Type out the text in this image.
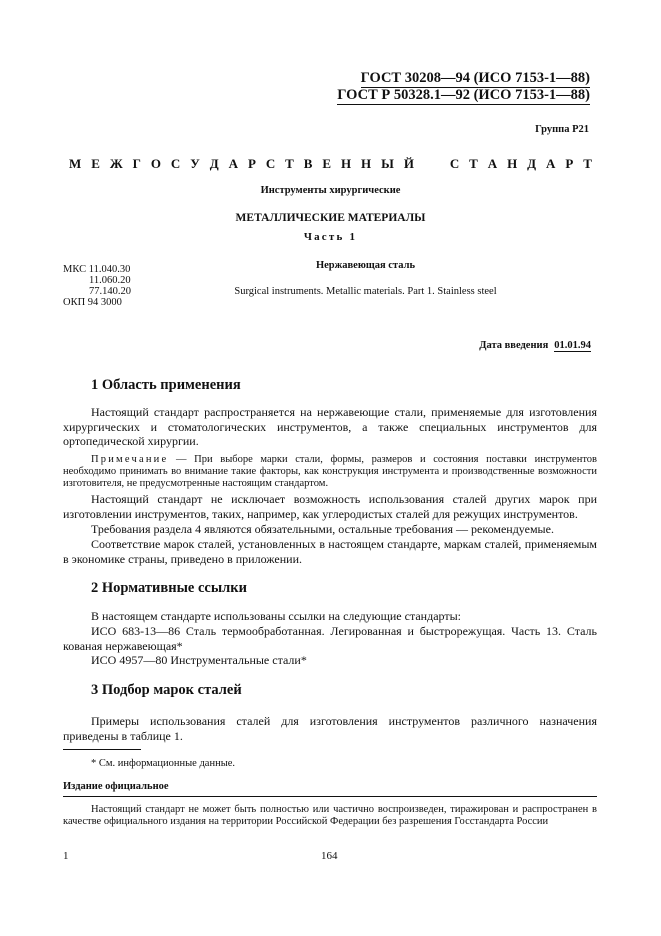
ГОСТ 30208—94 (ИСО 7153-1—88)
ГОСТ Р 50328.1—92 (ИСО 7153-1—88)
Группа Р21
М Е Ж Г О С У Д А Р С Т В Е Н Н Ы Й	С Т А Н Д А Р Т
Инструменты хирургические
МЕТАЛЛИЧЕСКИЕ МАТЕРИАЛЫ
Часть 1
Нержавеющая сталь
Surgical instruments. Metallic materials. Part 1. Stainless steel
МКС 11.040.30
11.060.20
77.140.20
ОКП 94 3000
Дата введения 01.01.94
1 Область применения
Настоящий стандарт распространяется на нержавеющие стали, применяемые для изготовления хирургических и стоматологических инструментов, а также специальных инструментов для ортопедической хирургии.
Примечание — При выборе марки стали, формы, размеров и состояния поставки инструментов необходимо принимать во внимание такие факторы, как конструкция инструмента и производственные возможности изготовителя, не предусмотренные настоящим стандартом.
Настоящий стандарт не исключает возможность использования сталей других марок при изготовлении инструментов, таких, например, как углеродистых сталей для режущих инструментов.
Требования раздела 4 являются обязательными, остальные требования — рекомендуемые.
Соответствие марок сталей, установленных в настоящем стандарте, маркам сталей, применяемым в экономике страны, приведено в приложении.
2 Нормативные ссылки
В настоящем стандарте использованы ссылки на следующие стандарты:
ИСО 683-13—86 Сталь термообработанная. Легированная и быстрорежущая. Часть 13. Сталь кованая нержавеющая*
ИСО 4957—80 Инструментальные стали*
3 Подбор марок сталей
Примеры использования сталей для изготовления инструментов различного назначения приведены в таблице 1.
* См. информационные данные.
Издание официальное
Настоящий стандарт не может быть полностью или частично воспроизведен, тиражирован и распространен в качестве официального издания на территории Российской Федерации без разрешения Госстандарта России
1	164
